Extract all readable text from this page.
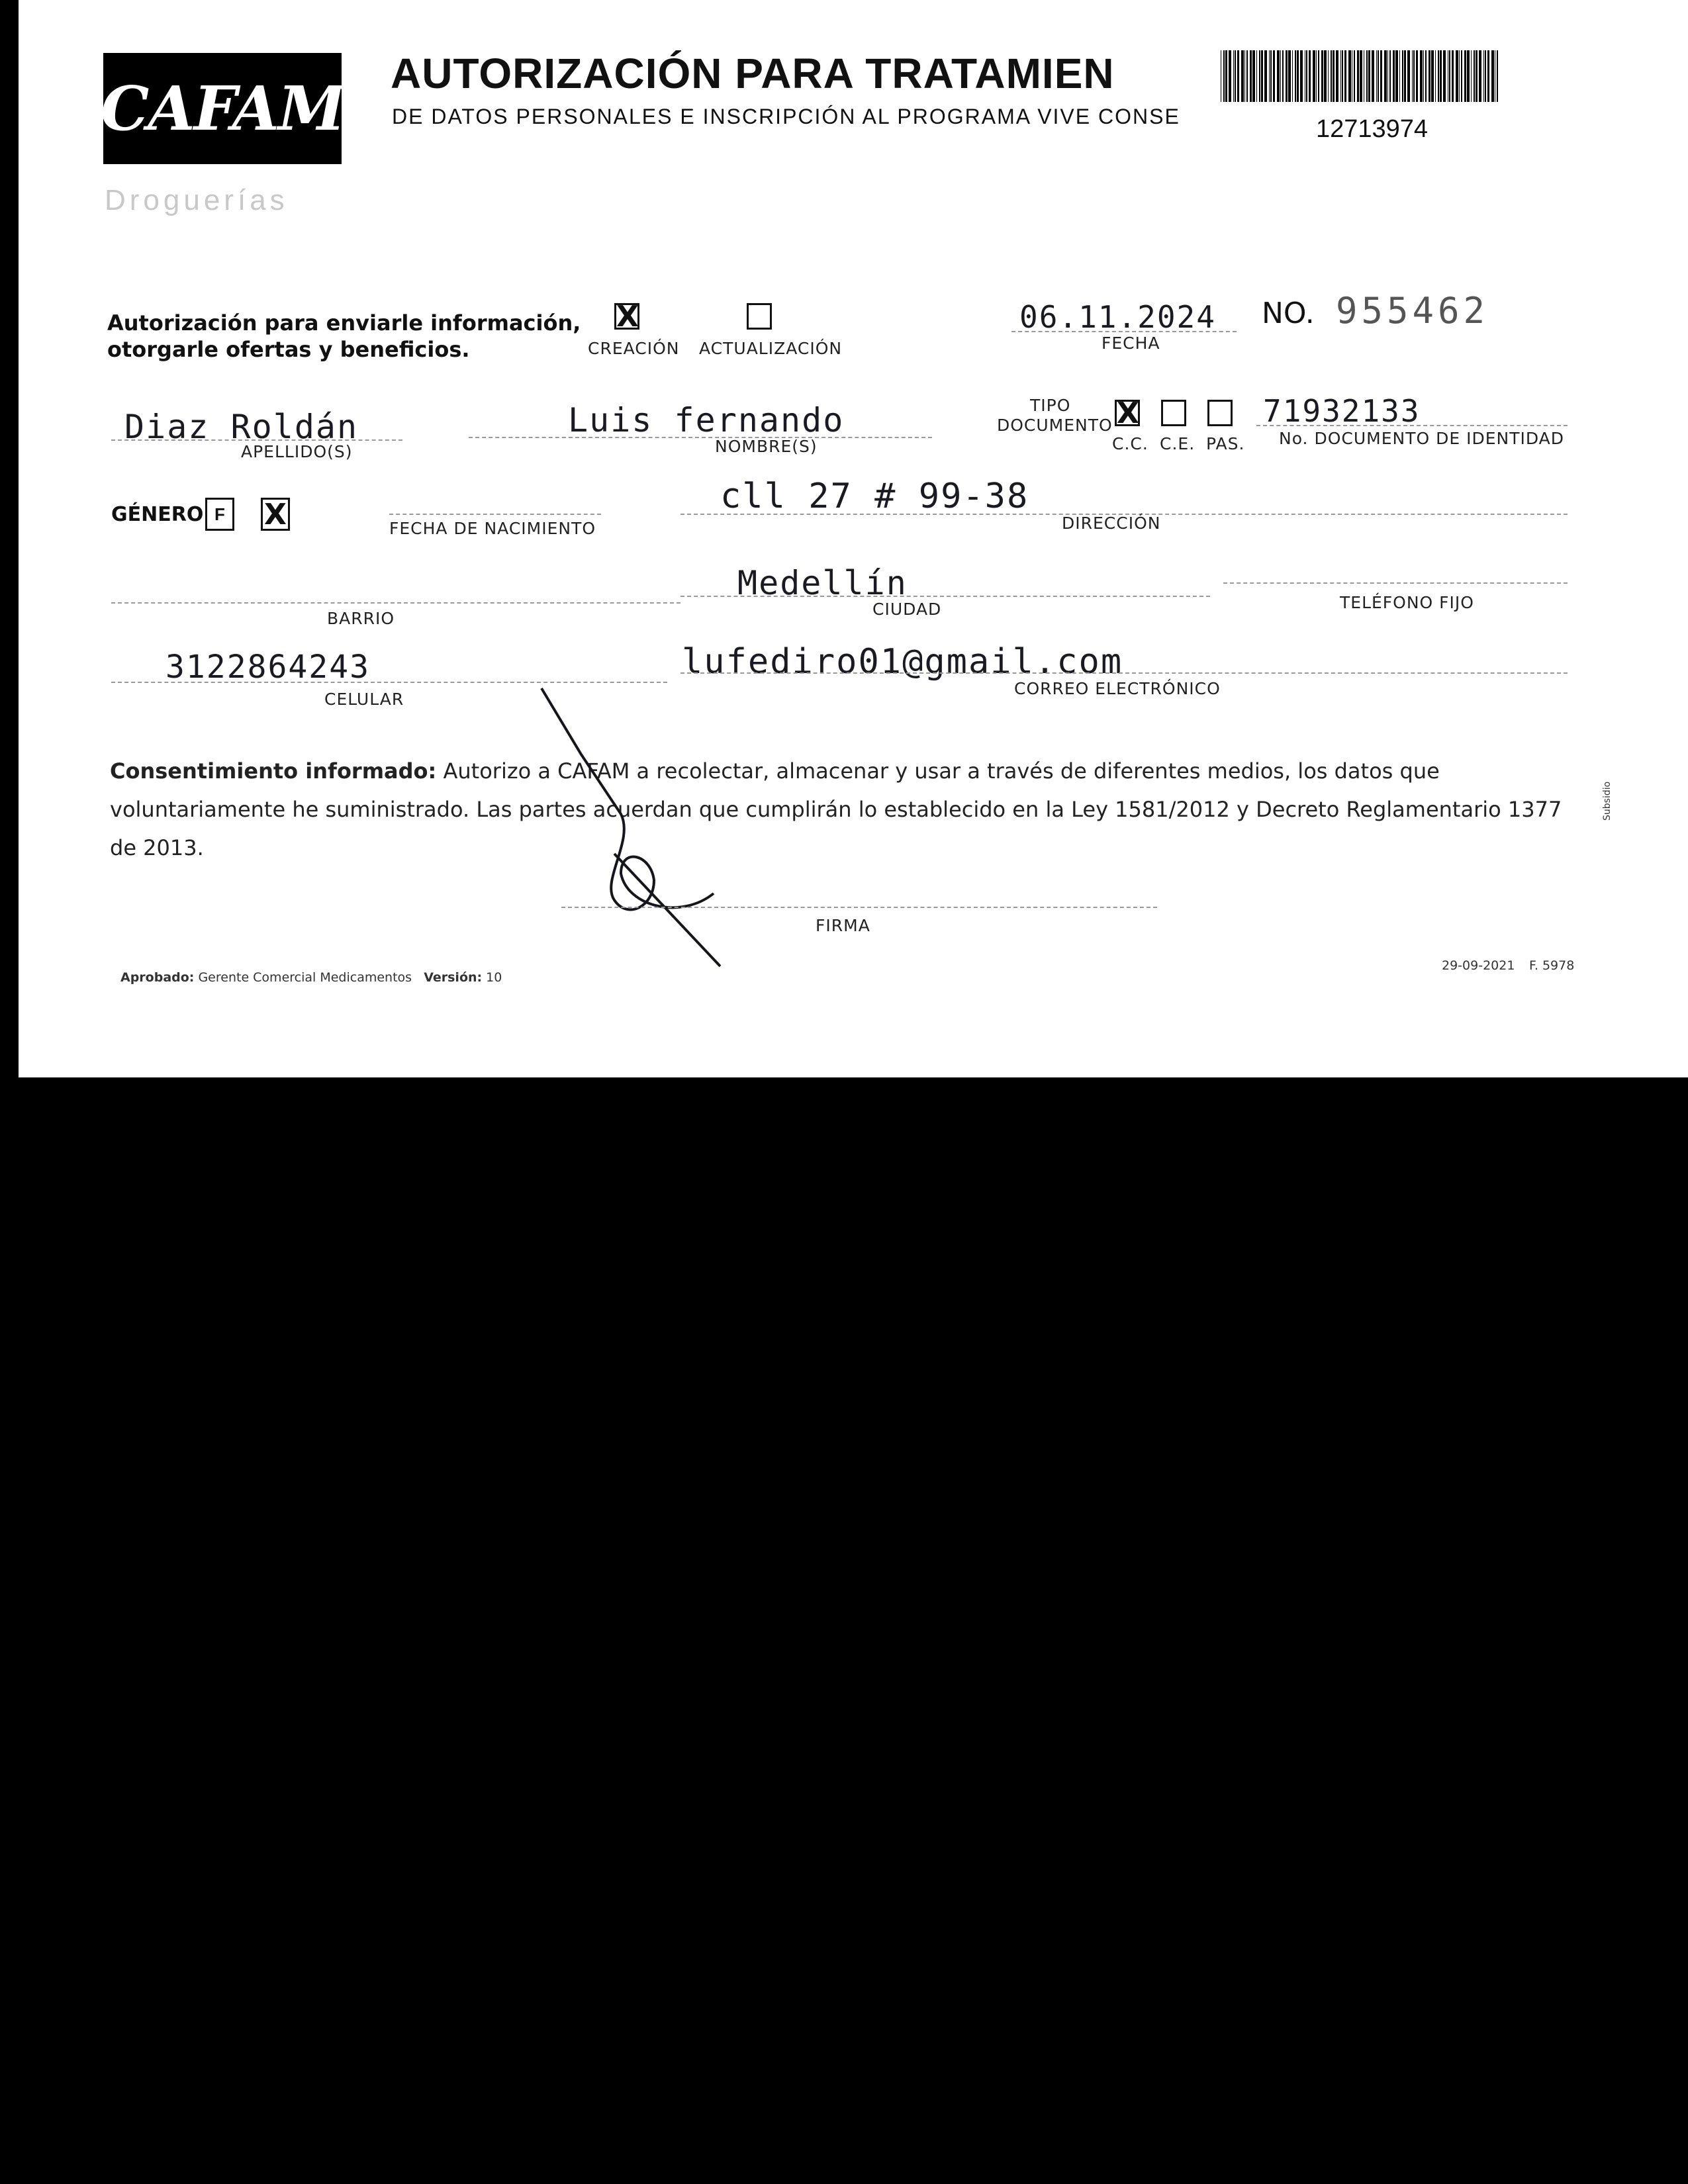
CAFAM
Droguerías
AUTORIZACIÓN PARA TRATAMIEN
DE DATOS PERSONALES E INSCRIPCIÓN AL PROGRAMA VIVE CONSE	12713974
Autorización para enviarle información,
otorgarle ofertas y beneficios.
X
CREACIÓN ACTUALIZACIÓN
06.11.2024
FECHA
NO. 955462
Diaz Roldán
APELLIDO(S)
Luis fernando
NOMBRE(S)
TIPO
DOCUMENTO X
C.C. C.E. PAS.
71932133
No. DOCUMENTO DE IDENTIDAD
GÉNERO F	X	FECHA DE NACIMIENTO
cll 27 # 99-38
DIRECCIÓN
BARRIO
Medellín
CIUDAD	TELÉFONO FIJO
3122864243
CELULAR
lufediro01@gmail.com
CORREO ELECTRÓNICO
Consentimiento informado: Autorizo a CAFAM a recolectar, almacenar y usar a través de diferentes medios, los datos que voluntariamente he suministrado. Las partes acuerdan que cumplirán lo establecido en la Ley 1581/2012 y Decreto Reglamentario 1377 de 2013.
FIRMA
Aprobado: Gerente Comercial Medicamentos Versión: 10
29-09-2021 F. 5978
Subsidio
